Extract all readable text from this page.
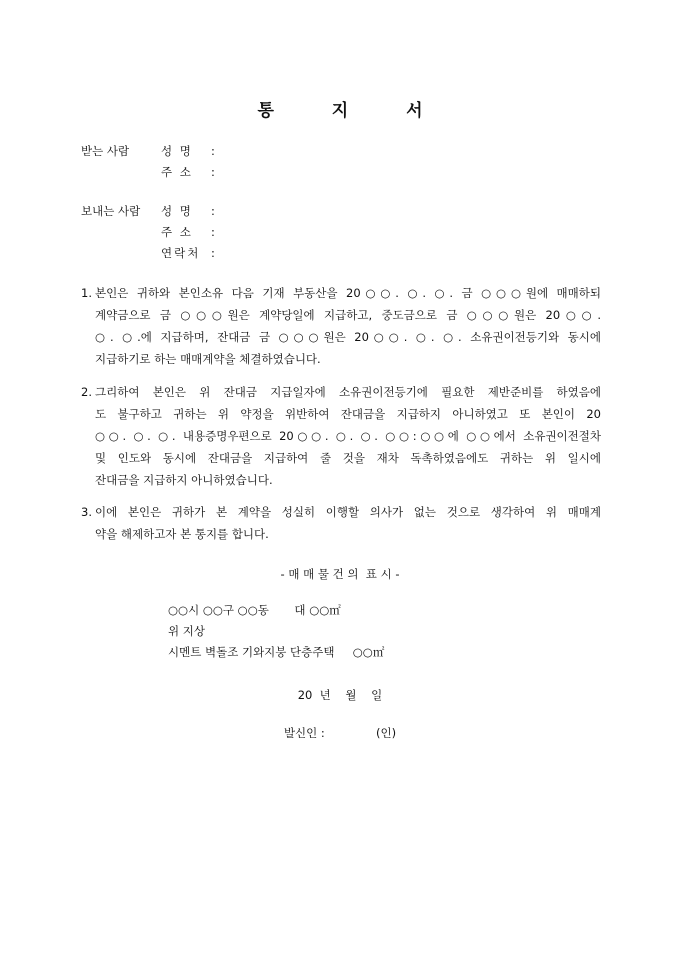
통 지 서
받는 사람	성 명	:
주 소	:
보내는 사람	성 명	:
주 소	:
연락처 :
1. 본인은 귀하와 본인소유 다음 기재 부동산을 20○○. ○. ○. 금 ○○○원에 매매하되
계약금으로 금 ○○○원은 계약당일에 지급하고, 중도금으로 금 ○○○원은 20○○.
○. ○.에 지급하며, 잔대금 금 ○○○원은 20○○. ○. ○. 소유권이전등기와 동시에
지급하기로 하는 매매계약을 체결하였습니다.
2. 그리하여 본인은 위 잔대금 지급일자에 소유권이전등기에 필요한 제반준비를 하였음에
도 불구하고 귀하는 위 약정을 위반하여 잔대금을 지급하지 아니하였고 또 본인이 20
○○. ○. ○. 내용증명우편으로 20○○. ○. ○. ○○:○○에 ○○에서 소유권이전절차
및 인도와 동시에 잔대금을 지급하여 줄 것을 재차 독촉하였음에도 귀하는 위 일시에
잔대금을 지급하지 아니하였습니다.
3. 이에 본인은 귀하가 본 계약을 성실히 이행할 의사가 없는 것으로 생각하여 위 매매계
약을 해제하고자 본 통지를 합니다.
- 매 매 물 건 의  표 시 -
○○시 ○○구 ○○동       대 ○○㎡
위 지상
시멘트 벽돌조 기와지붕 단층주택     ○○㎡
20  년    월    일
발신인 :              (인)
